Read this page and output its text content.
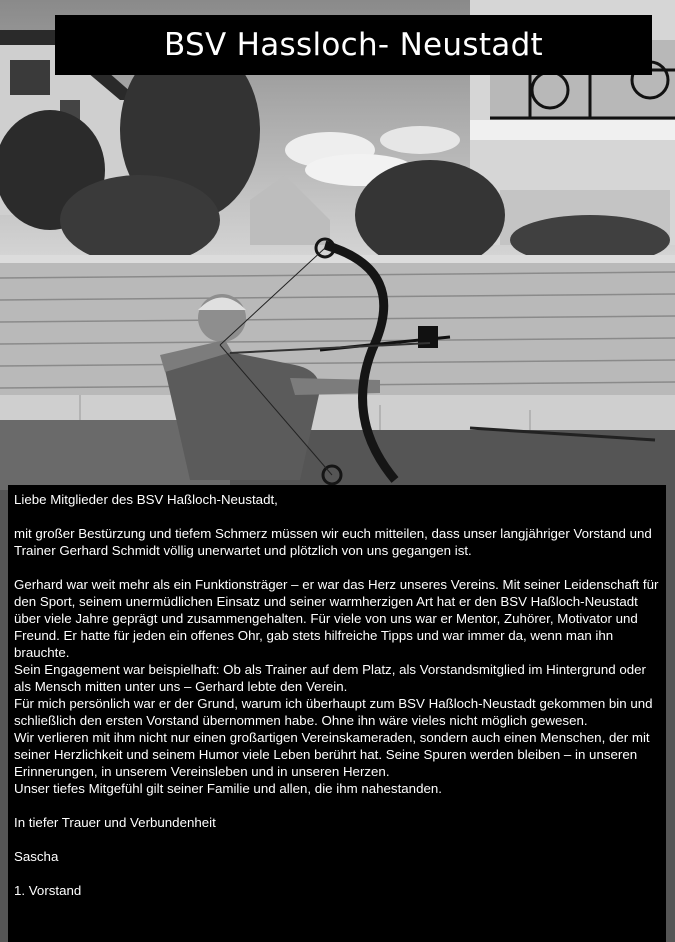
BSV Hassloch- Neustadt

Liebe Mitglieder des BSV Haßloch-Neustadt,

mit großer Bestürzung und tiefem Schmerz müssen wir euch mitteilen, dass unser langjähriger Vorstand und Trainer Gerhard Schmidt völlig unerwartet und plötzlich von uns gegangen ist.

Gerhard war weit mehr als ein Funktionsträger – er war das Herz unseres Vereins. Mit seiner Leidenschaft für den Sport, seinem unermüdlichen Einsatz und seiner warmherzigen Art hat er den BSV Haßloch-Neustadt über viele Jahre geprägt und zusammengehalten. Für viele von uns war er Mentor, Zuhörer, Motivator und Freund. Er hatte für jeden ein offenes Ohr, gab stets hilfreiche Tipps und war immer da, wenn man ihn brauchte.

Sein Engagement war beispielhaft: Ob als Trainer auf dem Platz, als Vorstandsmitglied im Hintergrund oder als Mensch mitten unter uns – Gerhard lebte den Verein.

Für mich persönlich war er der Grund, warum ich überhaupt zum BSV Haßloch-Neustadt gekommen bin und schließlich den ersten Vorstand übernommen habe. Ohne ihn wäre vieles nicht möglich gewesen.

Wir verlieren mit ihm nicht nur einen großartigen Vereinskameraden, sondern auch einen Menschen, der mit seiner Herzlichkeit und seinem Humor viele Leben berührt hat. Seine Spuren werden bleiben – in unseren Erinnerungen, in unserem Vereinsleben und in unseren Herzen.

Unser tiefes Mitgefühl gilt seiner Familie und allen, die ihm nahestanden.

In tiefer Trauer und Verbundenheit

Sascha

1. Vorstand
